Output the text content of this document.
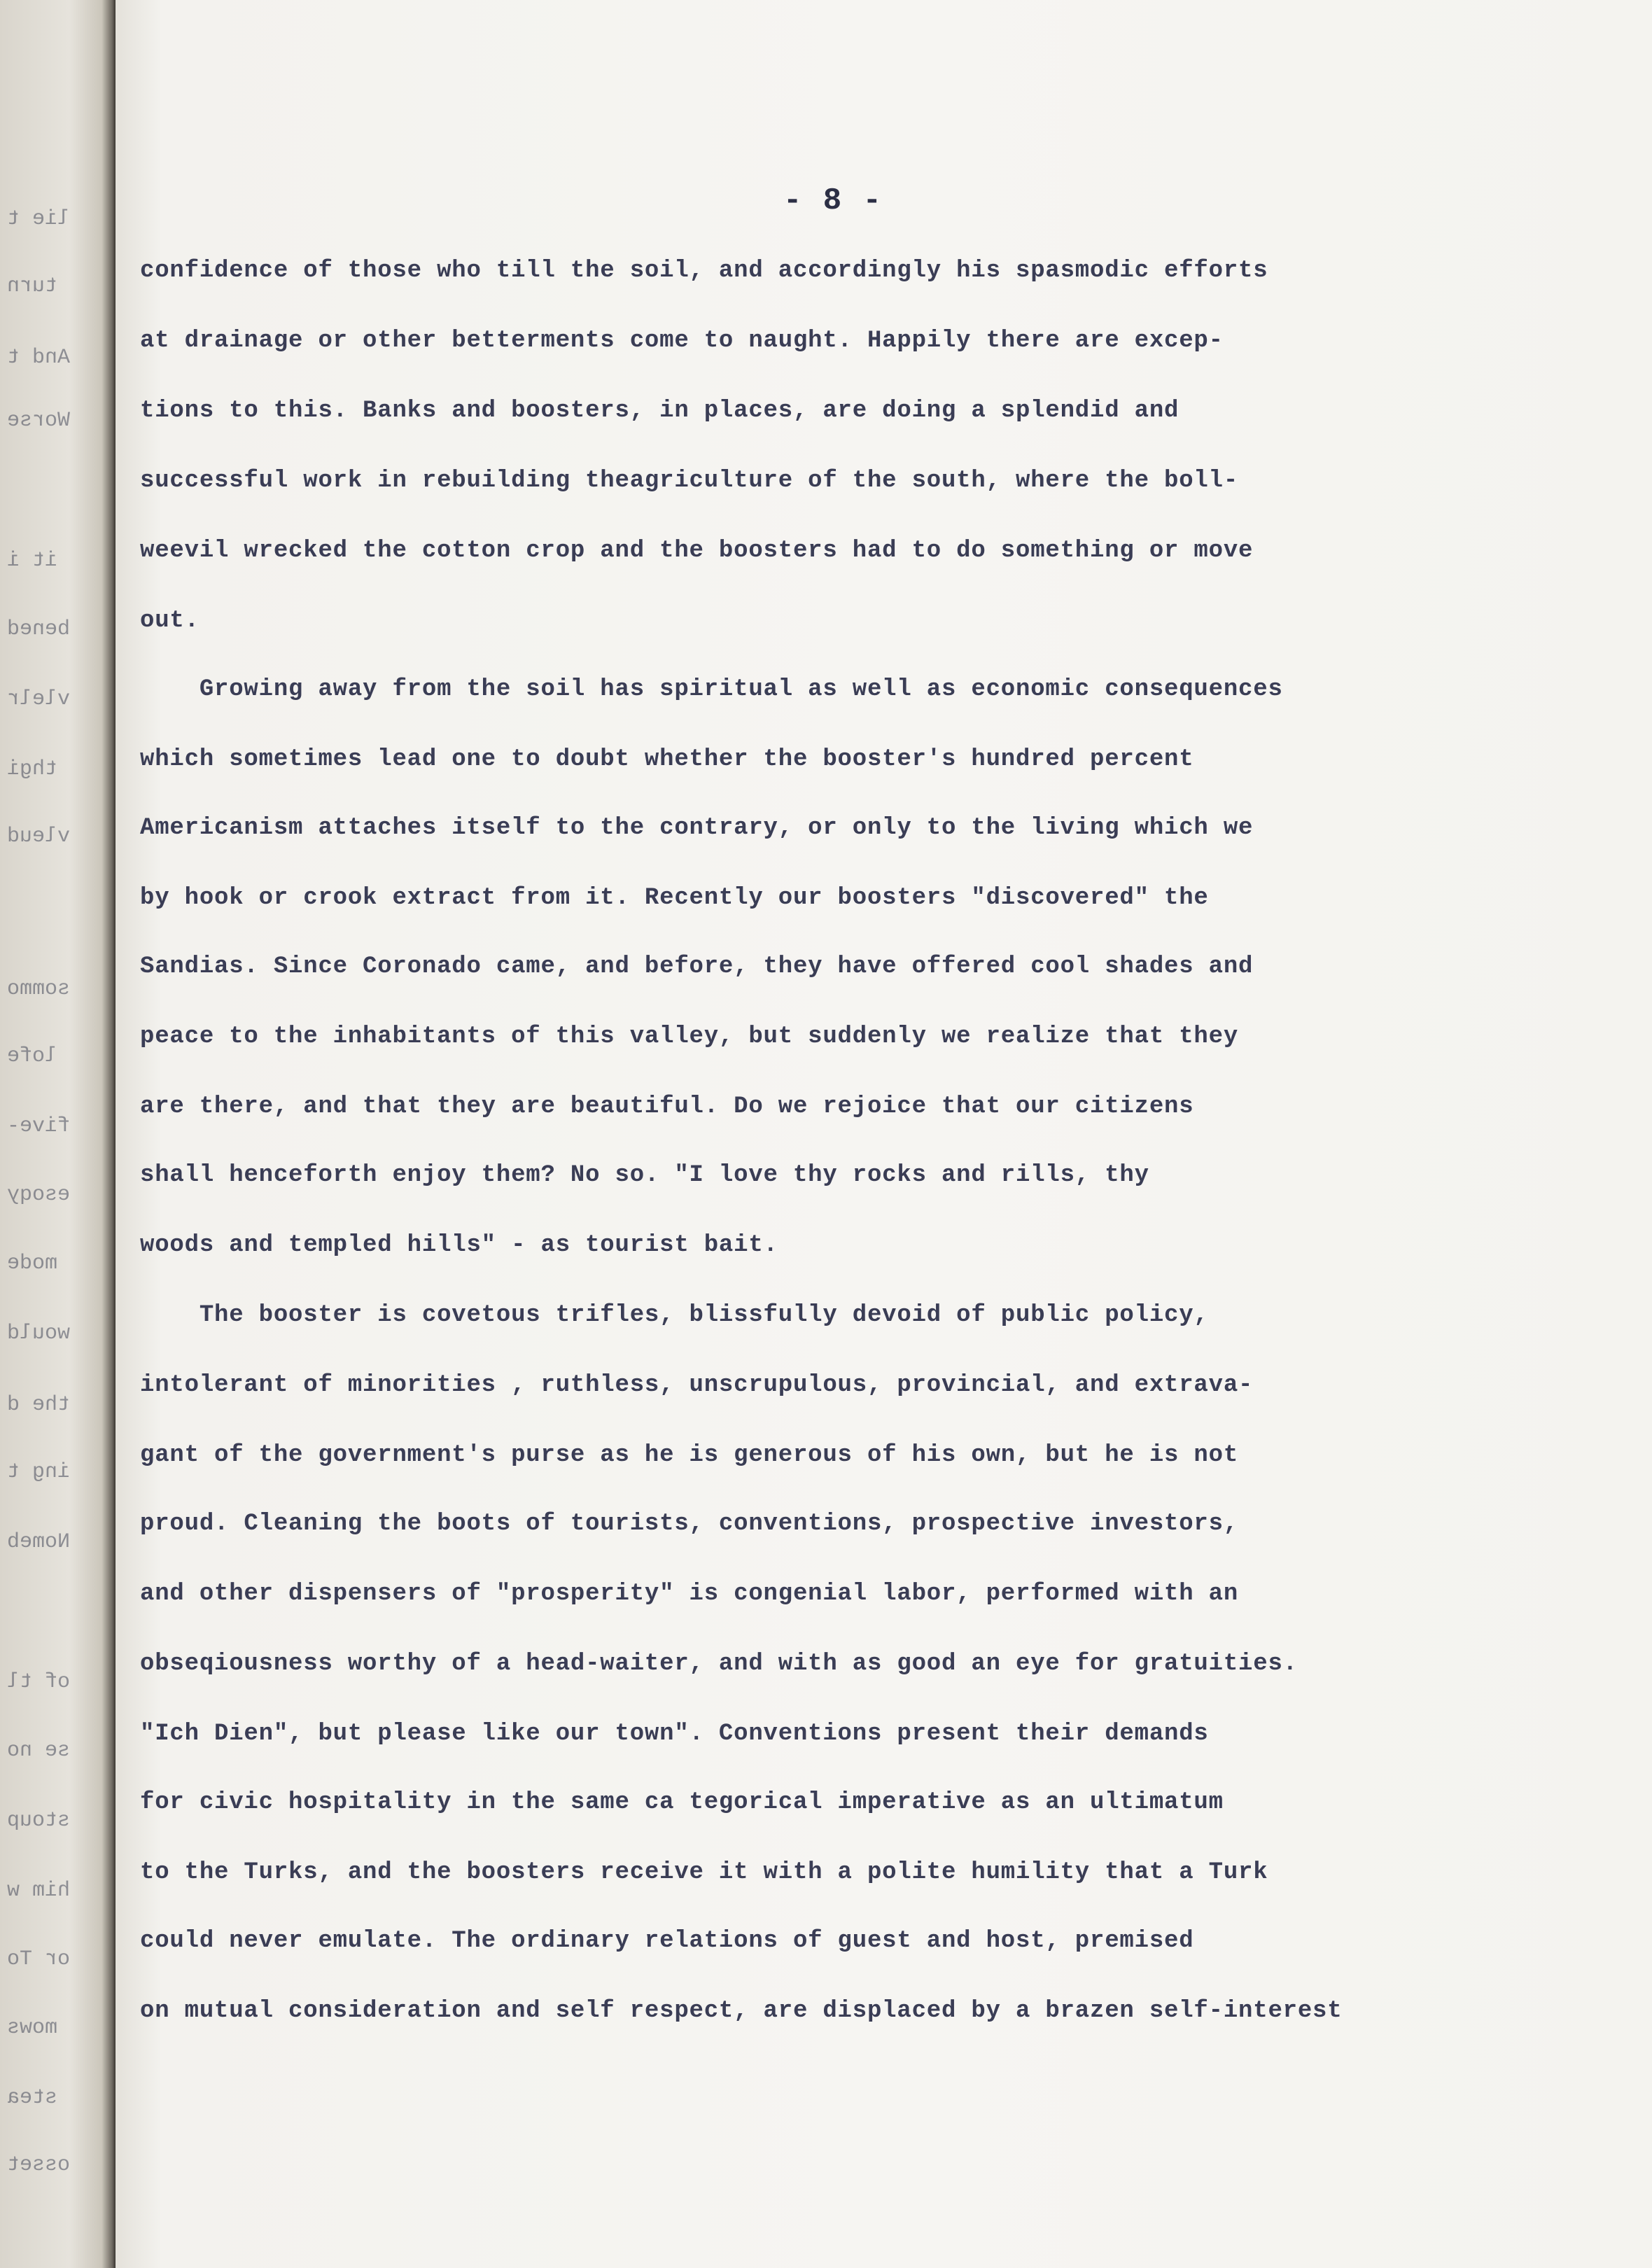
lie t
turn
And t
Worse
it i
bened
vlelr
thgi
vleud
sommo
lofe
five-
esoqy
mode
would
the d
ing t
Nomeb
of tl
se no
stoup
him w
or To
mows
stea
osset
- 8 -
confidence of those who till the soil, and accordingly his spasmodic efforts
at drainage or other betterments come to naught. Happily there are excep-
tions to this. Banks and boosters, in places, are doing a splendid and
successful work in rebuilding theagriculture of the south, where the boll-
weevil wrecked the cotton crop and the boosters had to do something or move
out.
Growing away from the soil has spiritual as well as economic consequences
which sometimes lead one to doubt whether the booster's hundred percent
Americanism attaches itself to the contrary, or only to the living which we
by hook or crook extract from it. Recently our boosters "discovered" the
Sandias. Since Coronado came, and before, they have offered cool shades and
peace to the inhabitants of this valley, but suddenly we realize that they
are there, and that they are beautiful. Do we rejoice that our citizens
shall henceforth enjoy them? No so. "I love thy rocks and rills, thy
woods and templed hills" - as tourist bait.
The booster is covetous trifles, blissfully devoid of public policy,
intolerant of minorities , ruthless, unscrupulous, provincial, and extrava-
gant of the government's purse as he is generous of his own, but he is not
proud. Cleaning the boots of tourists, conventions, prospective investors,
and other dispensers of "prosperity" is congenial labor, performed with an
obseqiousness worthy of a head-waiter, and with as good an eye for gratuities.
"Ich Dien", but please like our town". Conventions present their demands
for civic hospitality in the same ca tegorical imperative as an ultimatum
to the Turks, and the boosters receive it with a polite humility that a Turk
could never emulate. The ordinary relations of guest and host, premised
on mutual consideration and self respect, are displaced by a brazen self-interest
